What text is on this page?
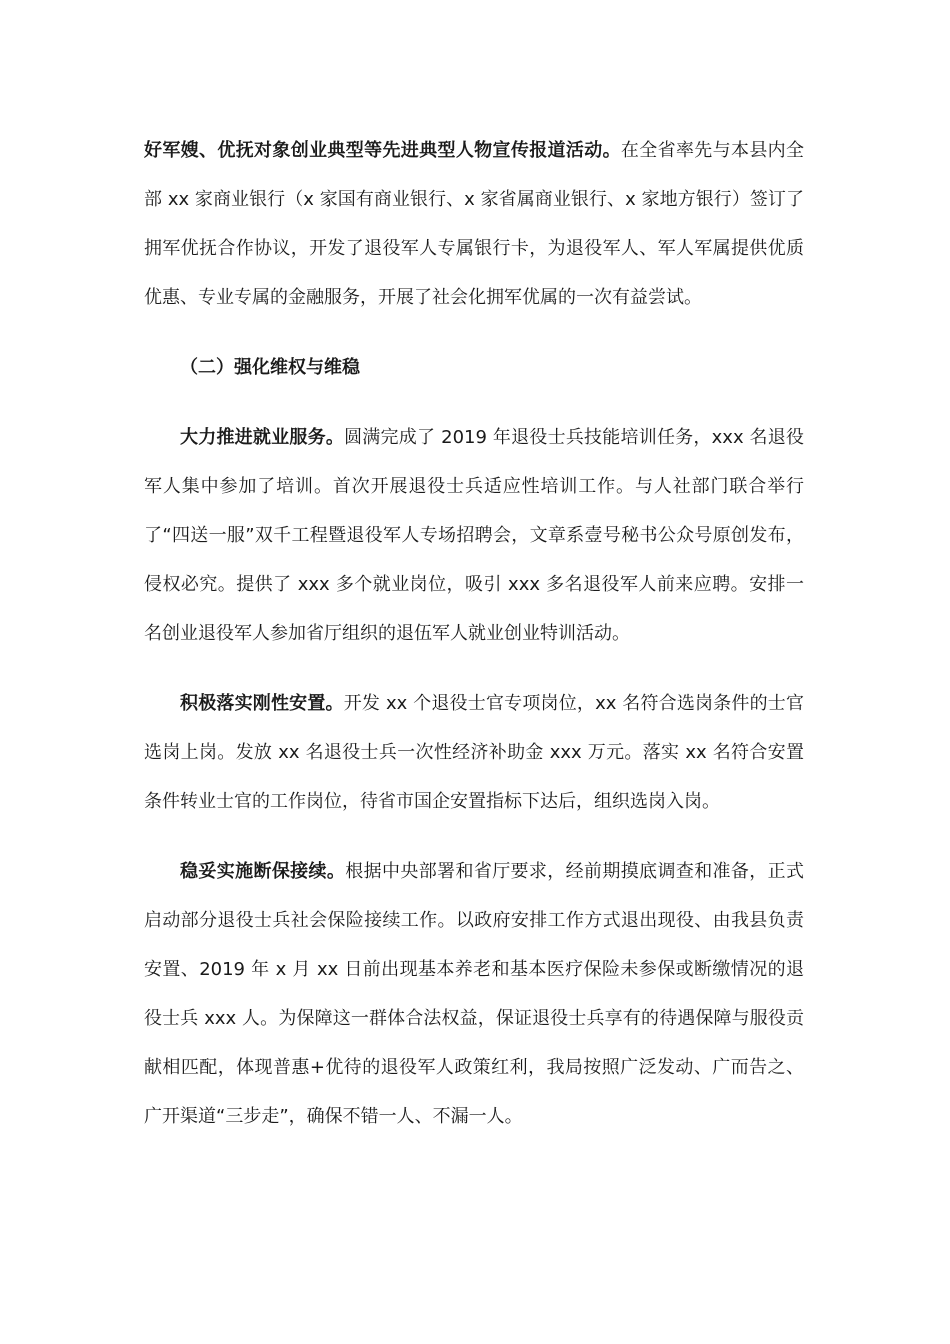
好军嫂、优抚对象创业典型等先进典型人物宣传报道活动。在全省率先与本县内全部 xx 家商业银行（x 家国有商业银行、x 家省属商业银行、x 家地方银行）签订了拥军优抚合作协议，开发了退役军人专属银行卡，为退役军人、军人军属提供优质优惠、专业专属的金融服务，开展了社会化拥军优属的一次有益尝试。

（二）强化维权与维稳

大力推进就业服务。圆满完成了 2019 年退役士兵技能培训任务，xxx 名退役军人集中参加了培训。首次开展退役士兵适应性培训工作。与人社部门联合举行了“四送一服”双千工程暨退役军人专场招聘会，文章系壹号秘书公众号原创发布，侵权必究。提供了 xxx 多个就业岗位，吸引 xxx 多名退役军人前来应聘。安排一名创业退役军人参加省厅组织的退伍军人就业创业特训活动。

积极落实刚性安置。开发 xx 个退役士官专项岗位，xx 名符合选岗条件的士官选岗上岗。发放 xx 名退役士兵一次性经济补助金 xxx 万元。落实 xx 名符合安置条件转业士官的工作岗位，待省市国企安置指标下达后，组织选岗入岗。

稳妥实施断保接续。根据中央部署和省厅要求，经前期摸底调查和准备，正式启动部分退役士兵社会保险接续工作。以政府安排工作方式退出现役、由我县负责安置、2019 年 x 月 xx 日前出现基本养老和基本医疗保险未参保或断缴情况的退役士兵 xxx 人。为保障这一群体合法权益，保证退役士兵享有的待遇保障与服役贡献相匹配，体现普惠+优待的退役军人政策红利，我局按照广泛发动、广而告之、广开渠道“三步走”，确保不错一人、不漏一人。
